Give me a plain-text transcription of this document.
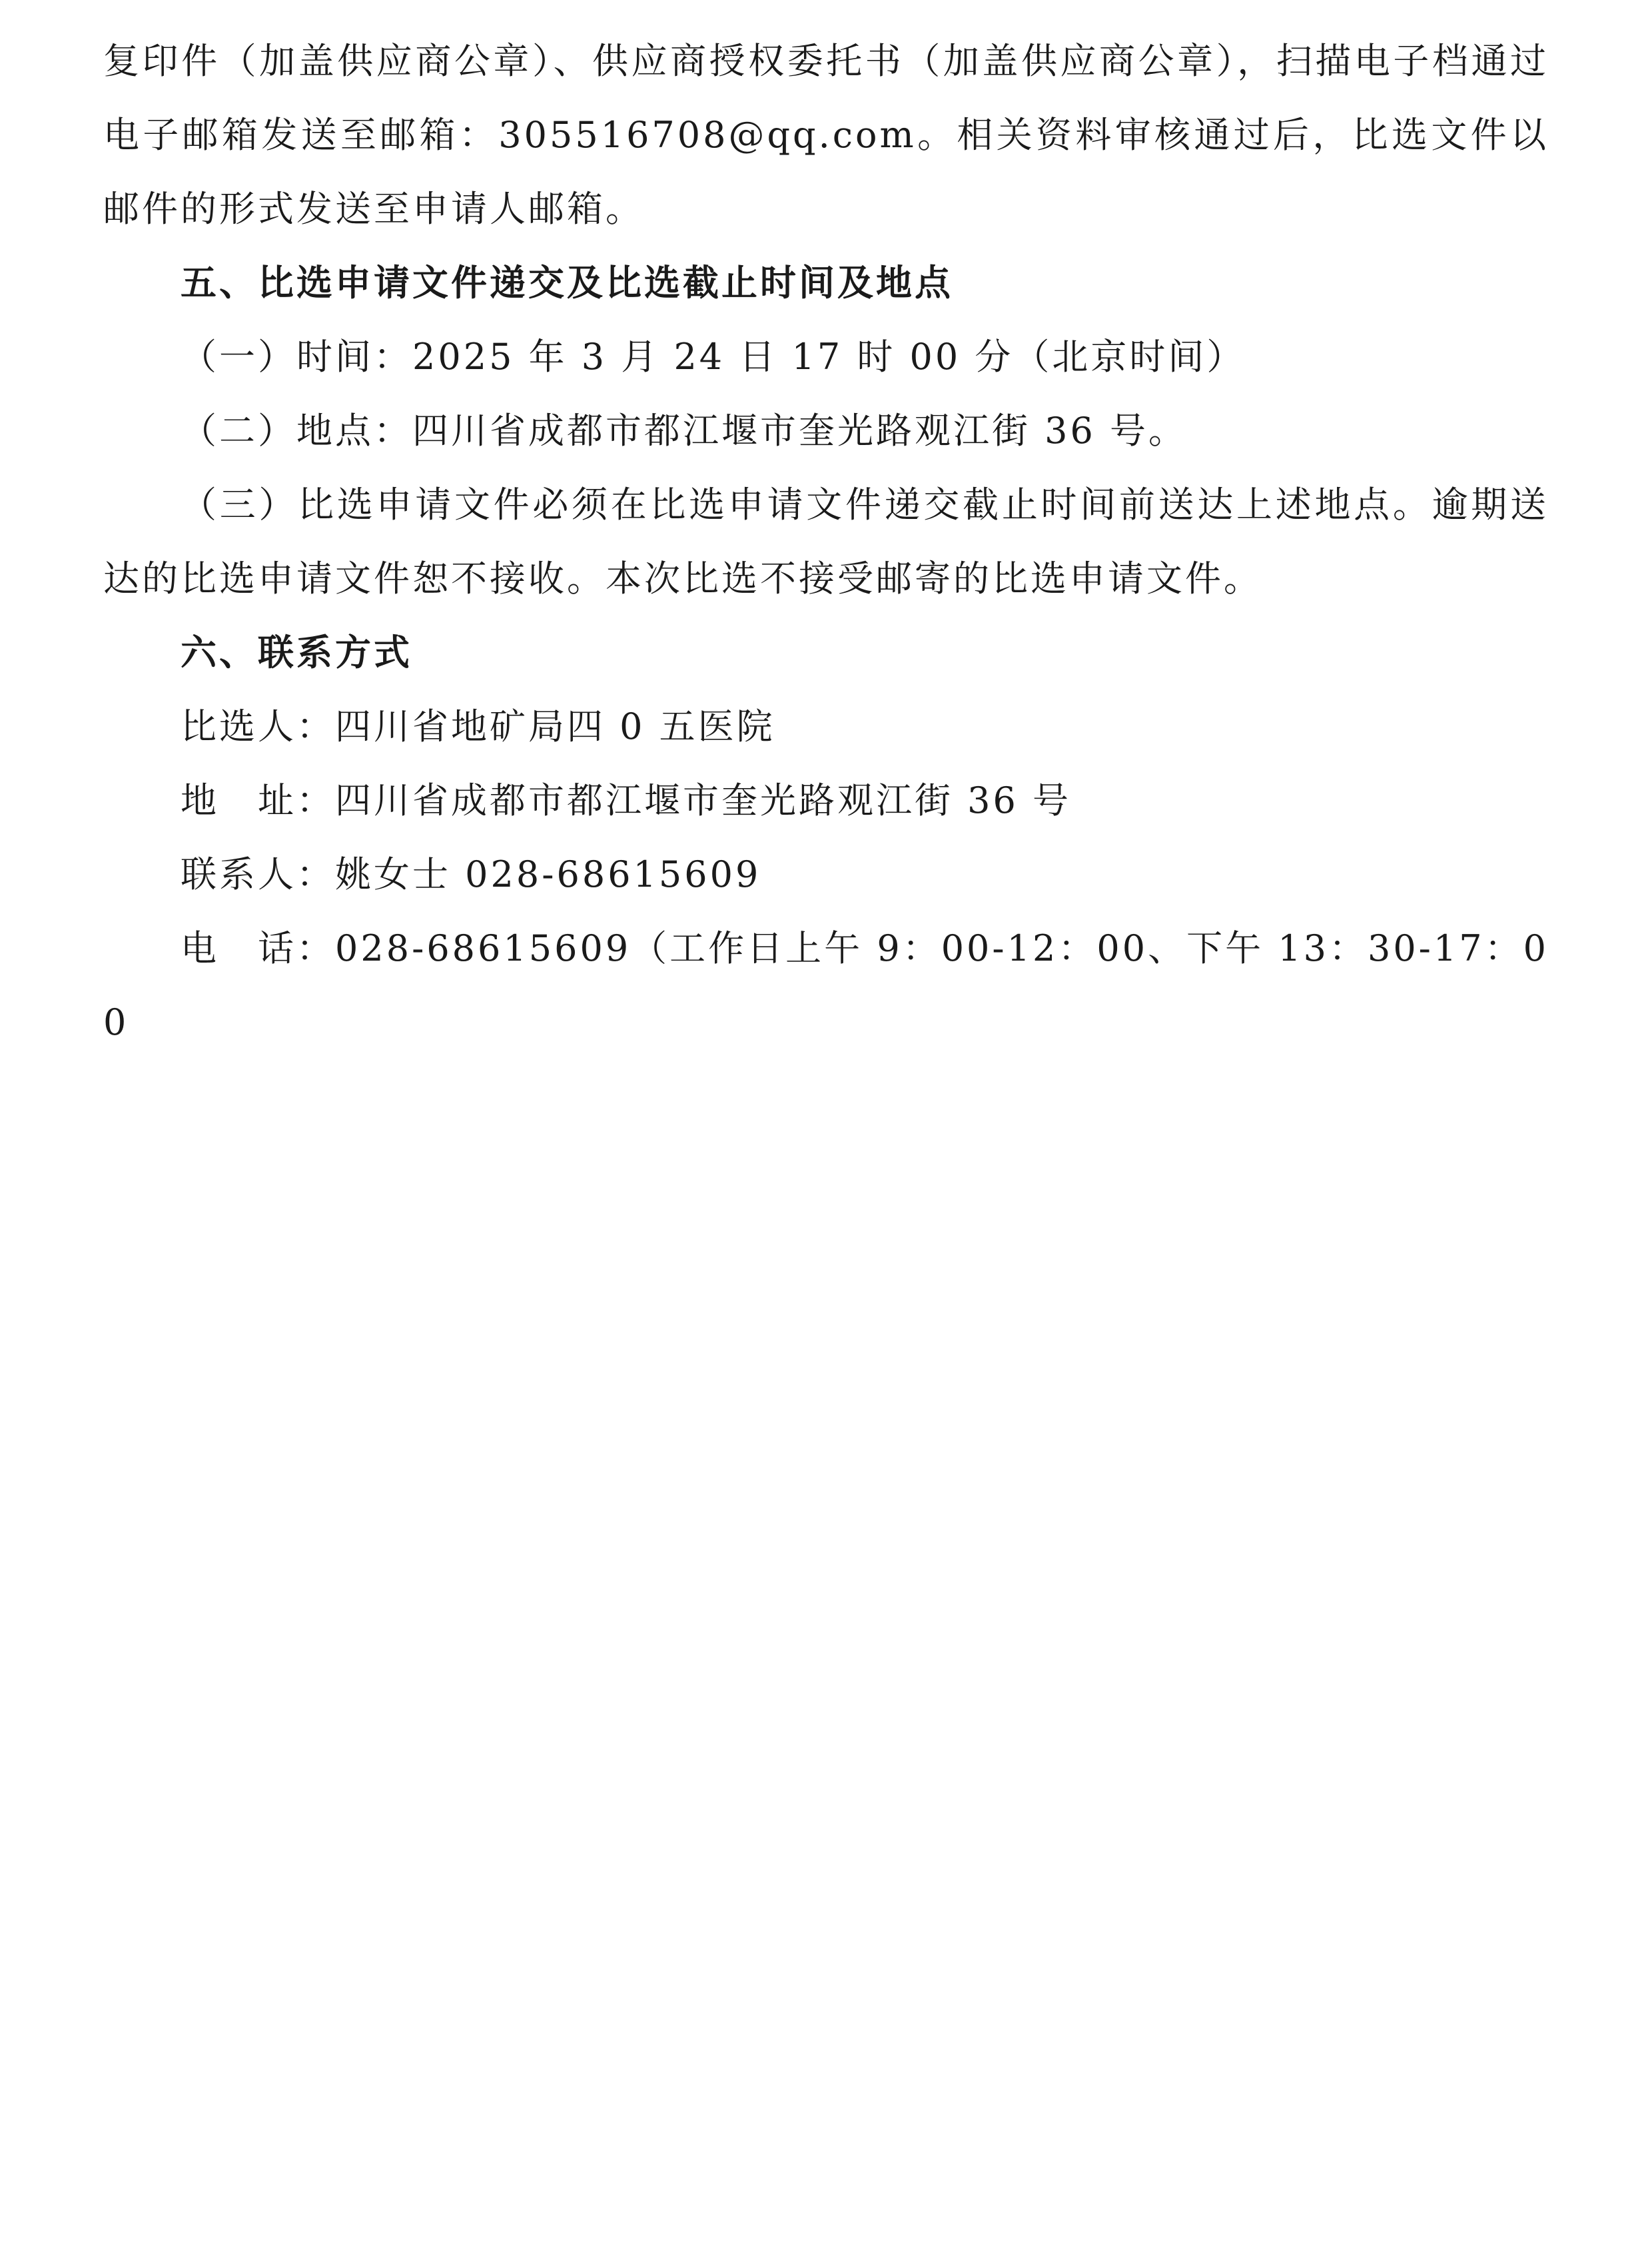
复印件（加盖供应商公章）、供应商授权委托书（加盖供应商公章），扫描电子档通过电子邮箱发送至邮箱：305516708@qq.com。相关资料审核通过后，比选文件以邮件的形式发送至申请人邮箱。

五、比选申请文件递交及比选截止时间及地点

（一）时间：2025 年 3 月 24 日 17 时 00 分（北京时间）

（二）地点：四川省成都市都江堰市奎光路观江街 36 号。

（三）比选申请文件必须在比选申请文件递交截止时间前送达上述地点。逾期送达的比选申请文件恕不接收。本次比选不接受邮寄的比选申请文件。

六、联系方式

比选人：四川省地矿局四 0 五医院

地　址：四川省成都市都江堰市奎光路观江街 36 号

联系人：姚女士 028-68615609

电　话：028-68615609（工作日上午 9：00-12：00、下午 13：30-17：00
